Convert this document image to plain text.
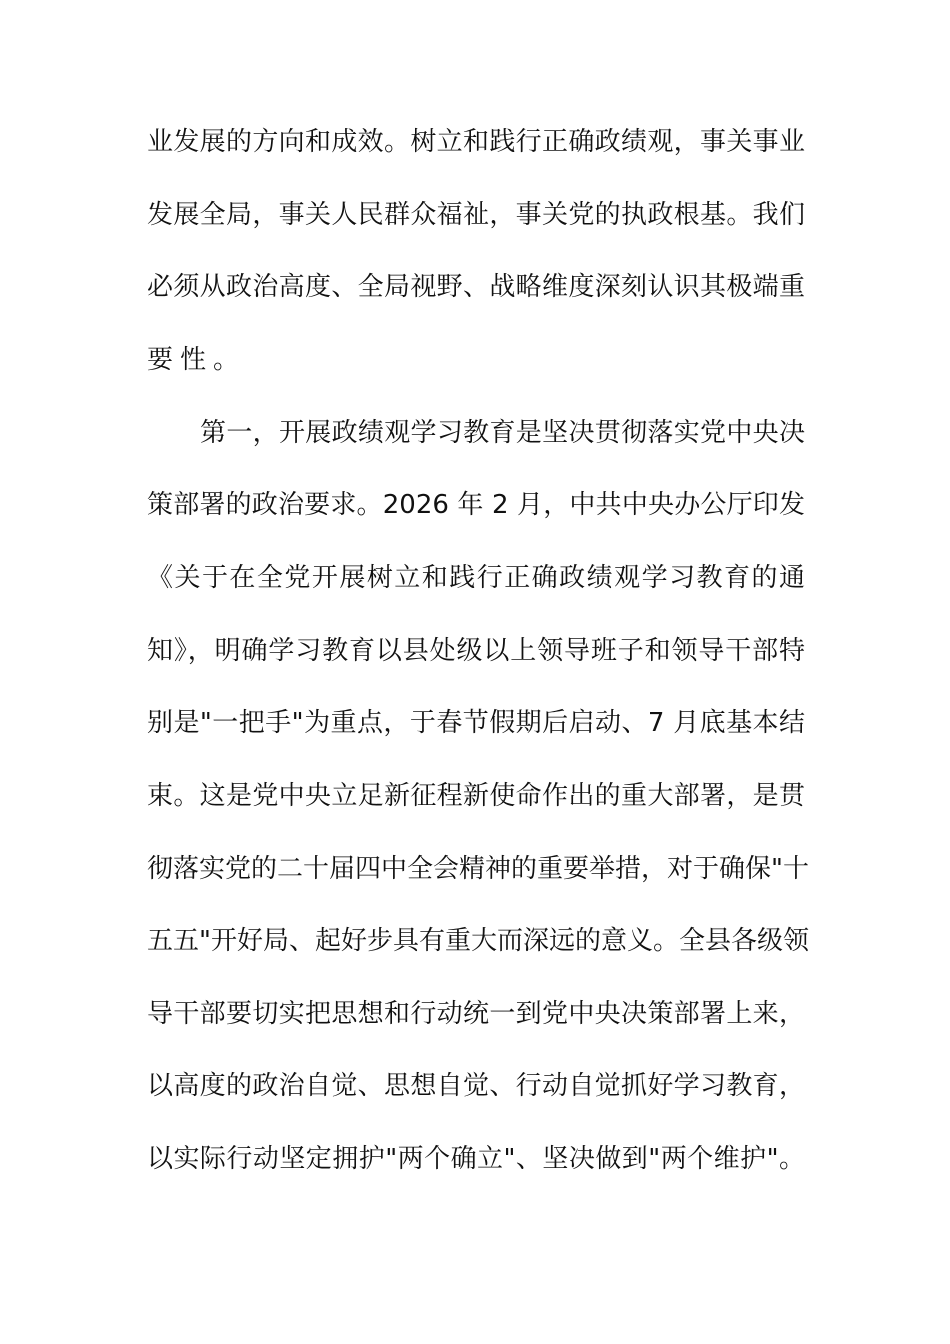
业发展的方向和成效。树立和践行正确政绩观，事关事业
发展全局，事关人民群众福祉，事关党的执政根基。我们
必须从政治高度、全局视野、战略维度深刻认识其极端重
要性。
第一，开展政绩观学习教育是坚决贯彻落实党中央决
策部署的政治要求。2026 年 2 月，中共中央办公厅印发
《关于在全党开展树立和践行正确政绩观学习教育的通
知》，明确学习教育以县处级以上领导班子和领导干部特
别是"一把手"为重点，于春节假期后启动、7 月底基本结
束。这是党中央立足新征程新使命作出的重大部署，是贯
彻落实党的二十届四中全会精神的重要举措，对于确保"十
五五"开好局、起好步具有重大而深远的意义。全县各级领
导干部要切实把思想和行动统一到党中央决策部署上来，
以高度的政治自觉、思想自觉、行动自觉抓好学习教育，
以实际行动坚定拥护"两个确立"、坚决做到"两个维护"。
